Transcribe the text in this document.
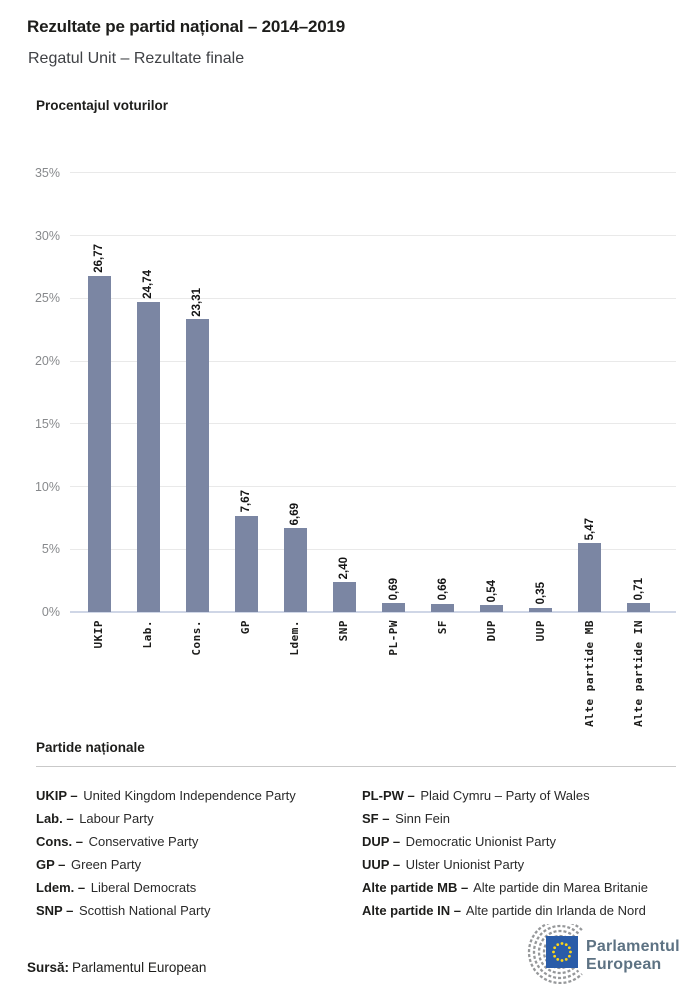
Rezultate pe partid național – 2014–2019
Regatul Unit – Rezultate finale
Procentajul voturilor
0%
5%
10%
15%
20%
25%
30%
35%
26,77
UKIP
24,74
Lab.
23,31
Cons.
7,67
GP
6,69
Ldem.
2,40
SNP
0,69
PL-PW
0,66
SF
0,54
DUP
0,35
UUP
5,47
Alte partide MB
0,71
Alte partide IN
Partide naționale
UKIP – United Kingdom Independence Party
Lab. – Labour Party
Cons. – Conservative Party
GP – Green Party
Ldem. – Liberal Democrats
SNP – Scottish National Party
PL-PW – Plaid Cymru – Party of Wales
SF – Sinn Fein
DUP – Democratic Unionist Party
UUP – Ulster Unionist Party
Alte partide MB – Alte partide din Marea Britanie
Alte partide IN – Alte partide din Irlanda de Nord
Sursă: Parlamentul European
Parlamentul
European
